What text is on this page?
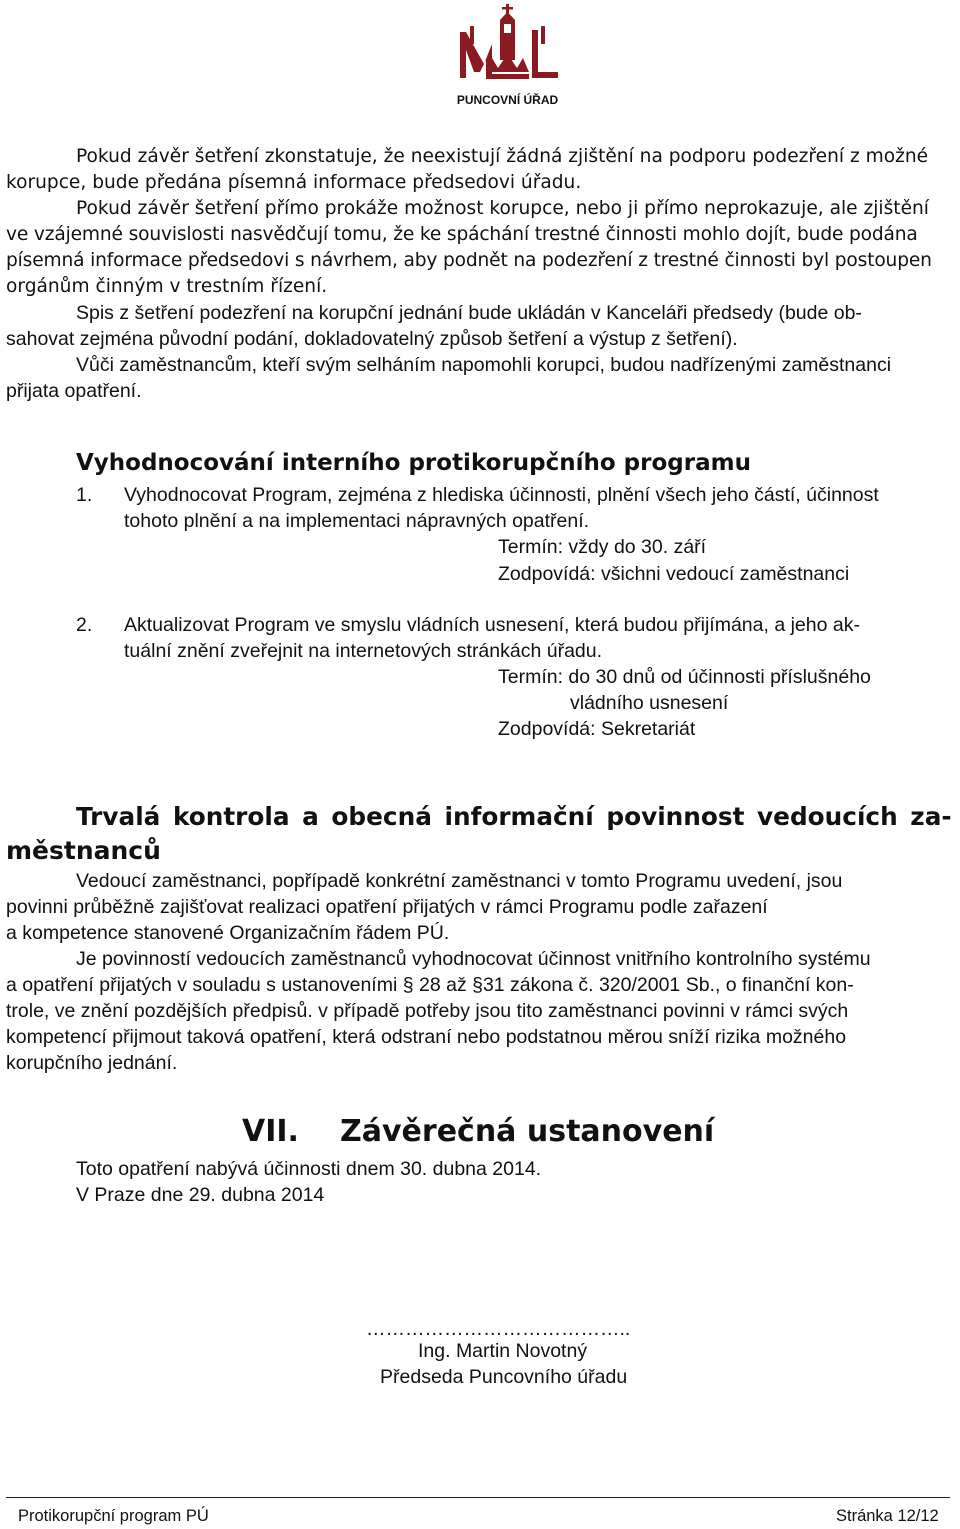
PUNCOVNÍ ÚŘAD
Pokud závěr šetření zkonstatuje, že neexistují žádná zjištění na podporu podezření z možné
korupce, bude předána písemná informace předsedovi úřadu.
Pokud závěr šetření přímo prokáže možnost korupce, nebo ji přímo neprokazuje, ale zjištění
ve vzájemné souvislosti nasvědčují tomu, že ke spáchání trestné činnosti mohlo dojít, bude podána
písemná informace předsedovi s návrhem, aby podnět na podezření z trestné činnosti byl postoupen
orgánům činným v trestním řízení.
Spis z šetření podezření na korupční jednání bude ukládán v Kanceláři předsedy (bude ob-
sahovat zejména původní podání, dokladovatelný způsob šetření a výstup z šetření).
Vůči zaměstnancům, kteří svým selháním napomohli korupci, budou nadřízenými zaměstnanci
přijata opatření.
Vyhodnocování interního protikorupčního programu
1. Vyhodnocovat Program, zejména z hlediska účinnosti, plnění všech jeho částí, účinnost
tohoto plnění a na implementaci nápravných opatření.
Termín: vždy do 30. září
Zodpovídá: všichni vedoucí zaměstnanci
2. Aktualizovat Program ve smyslu vládních usnesení, která budou přijímána, a jeho ak-
tuální znění zveřejnit na internetových stránkách úřadu.
Termín: do 30 dnů od účinnosti příslušného
vládního usnesení
Zodpovídá: Sekretariát
Trvalá kontrola a obecná informační povinnost vedoucích za-
městnanců
Vedoucí zaměstnanci, popřípadě konkrétní zaměstnanci v tomto Programu uvedení, jsou
povinni průběžně zajišťovat realizaci opatření přijatých v rámci Programu podle zařazení
a kompetence stanovené Organizačním řádem PÚ.
Je povinností vedoucích zaměstnanců vyhodnocovat účinnost vnitřního kontrolního systému
a opatření přijatých v souladu s ustanoveními § 28 až §31 zákona č. 320/2001 Sb., o finanční kon-
trole, ve znění pozdějších předpisů. v případě potřeby jsou tito zaměstnanci povinni v rámci svých
kompetencí přijmout taková opatření, která odstraní nebo podstatnou měrou sníží rizika možného
korupčního jednání.
VII. Závěrečná ustanovení
Toto opatření nabývá účinnosti dnem 30. dubna 2014.
V Praze dne 29. dubna 2014
…………………………………..
Ing. Martin Novotný
Předseda Puncovního úřadu
Protikorupční program PÚ	Stránka 12/12
